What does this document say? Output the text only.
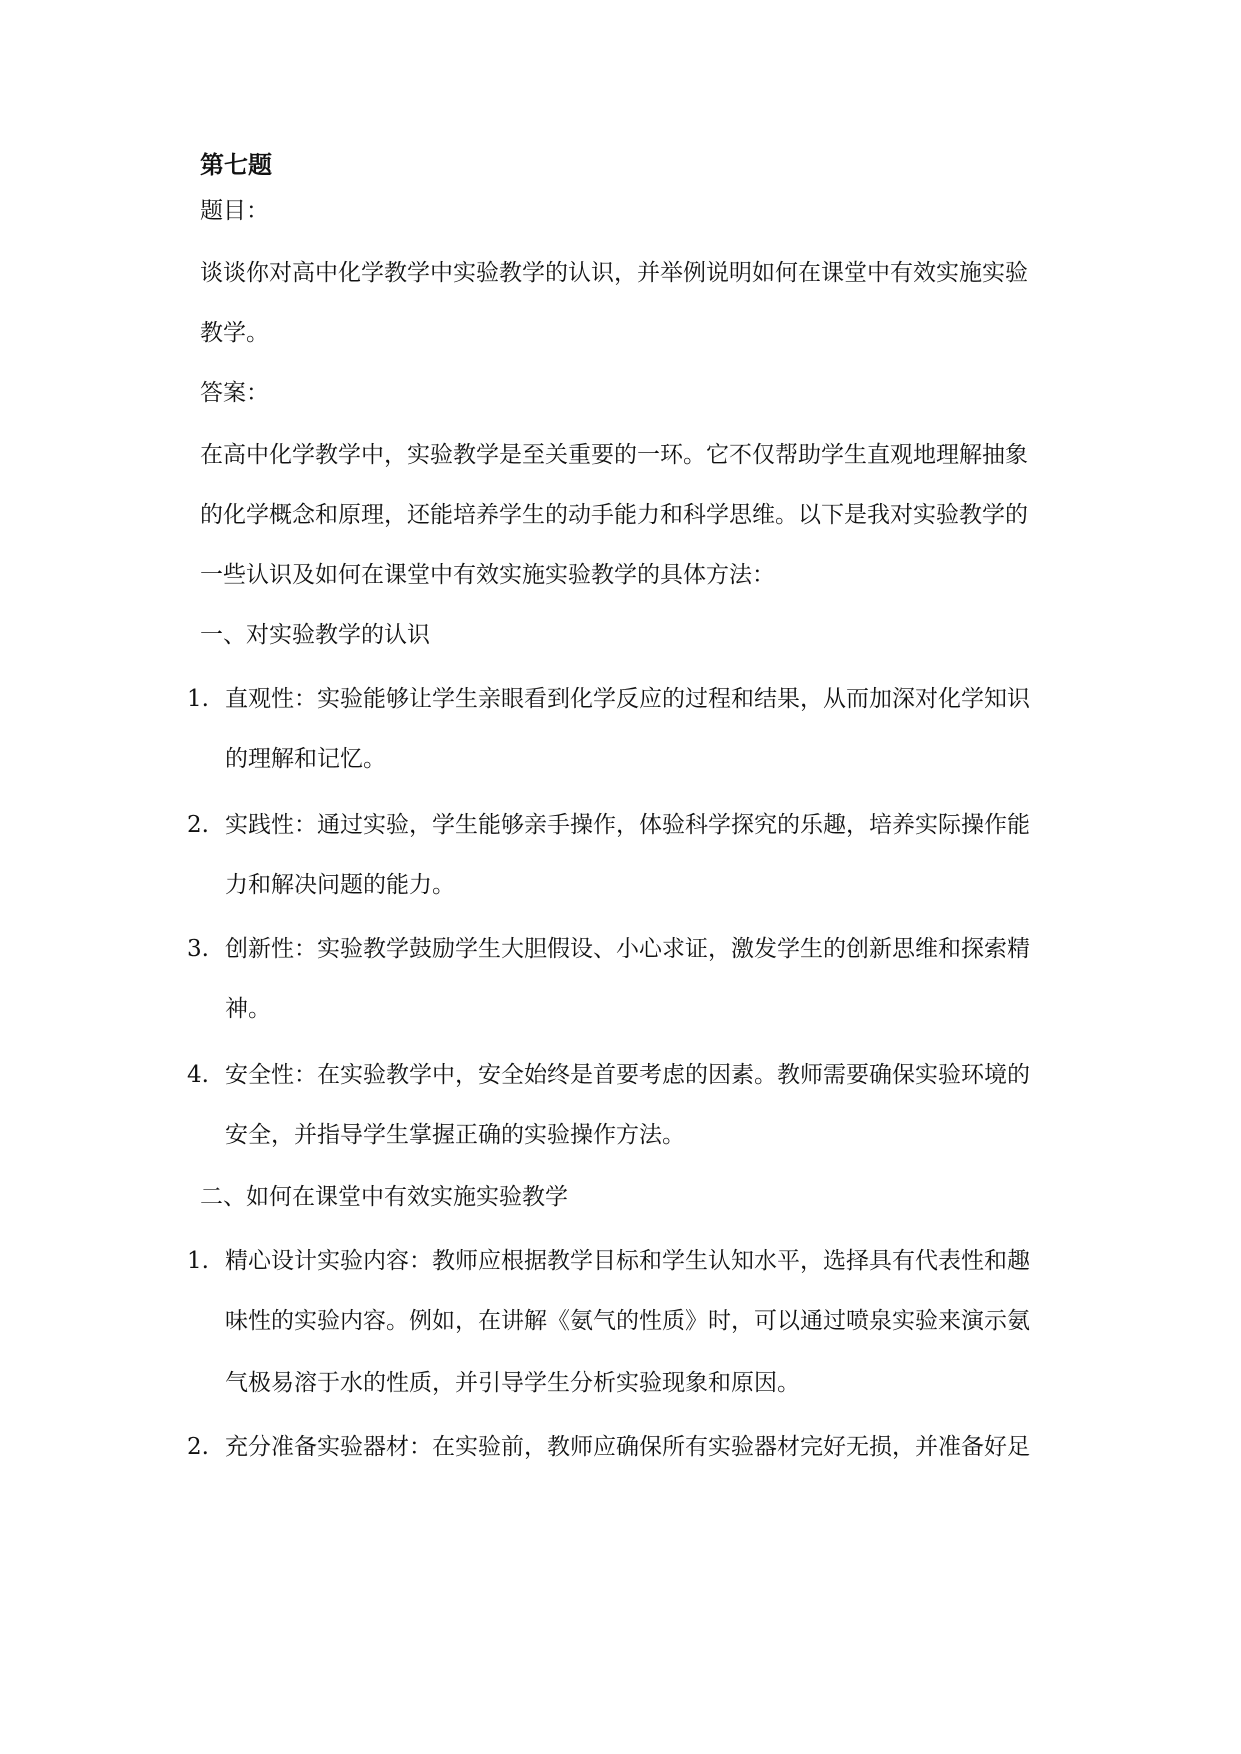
第七题
题目：
谈谈你对高中化学教学中实验教学的认识，并举例说明如何在课堂中有效实施实验
教学。
答案：
在高中化学教学中，实验教学是至关重要的一环。它不仅帮助学生直观地理解抽象
的化学概念和原理，还能培养学生的动手能力和科学思维。以下是我对实验教学的
一些认识及如何在课堂中有效实施实验教学的具体方法：
一、对实验教学的认识
1. 直观性：实验能够让学生亲眼看到化学反应的过程和结果，从而加深对化学知识
的理解和记忆。
2. 实践性：通过实验，学生能够亲手操作，体验科学探究的乐趣，培养实际操作能
力和解决问题的能力。
3. 创新性：实验教学鼓励学生大胆假设、小心求证，激发学生的创新思维和探索精
神。
4. 安全性：在实验教学中，安全始终是首要考虑的因素。教师需要确保实验环境的
安全，并指导学生掌握正确的实验操作方法。
二、如何在课堂中有效实施实验教学
1. 精心设计实验内容：教师应根据教学目标和学生认知水平，选择具有代表性和趣
味性的实验内容。例如，在讲解《氨气的性质》时，可以通过喷泉实验来演示氨
气极易溶于水的性质，并引导学生分析实验现象和原因。
2. 充分准备实验器材：在实验前，教师应确保所有实验器材完好无损，并准备好足
